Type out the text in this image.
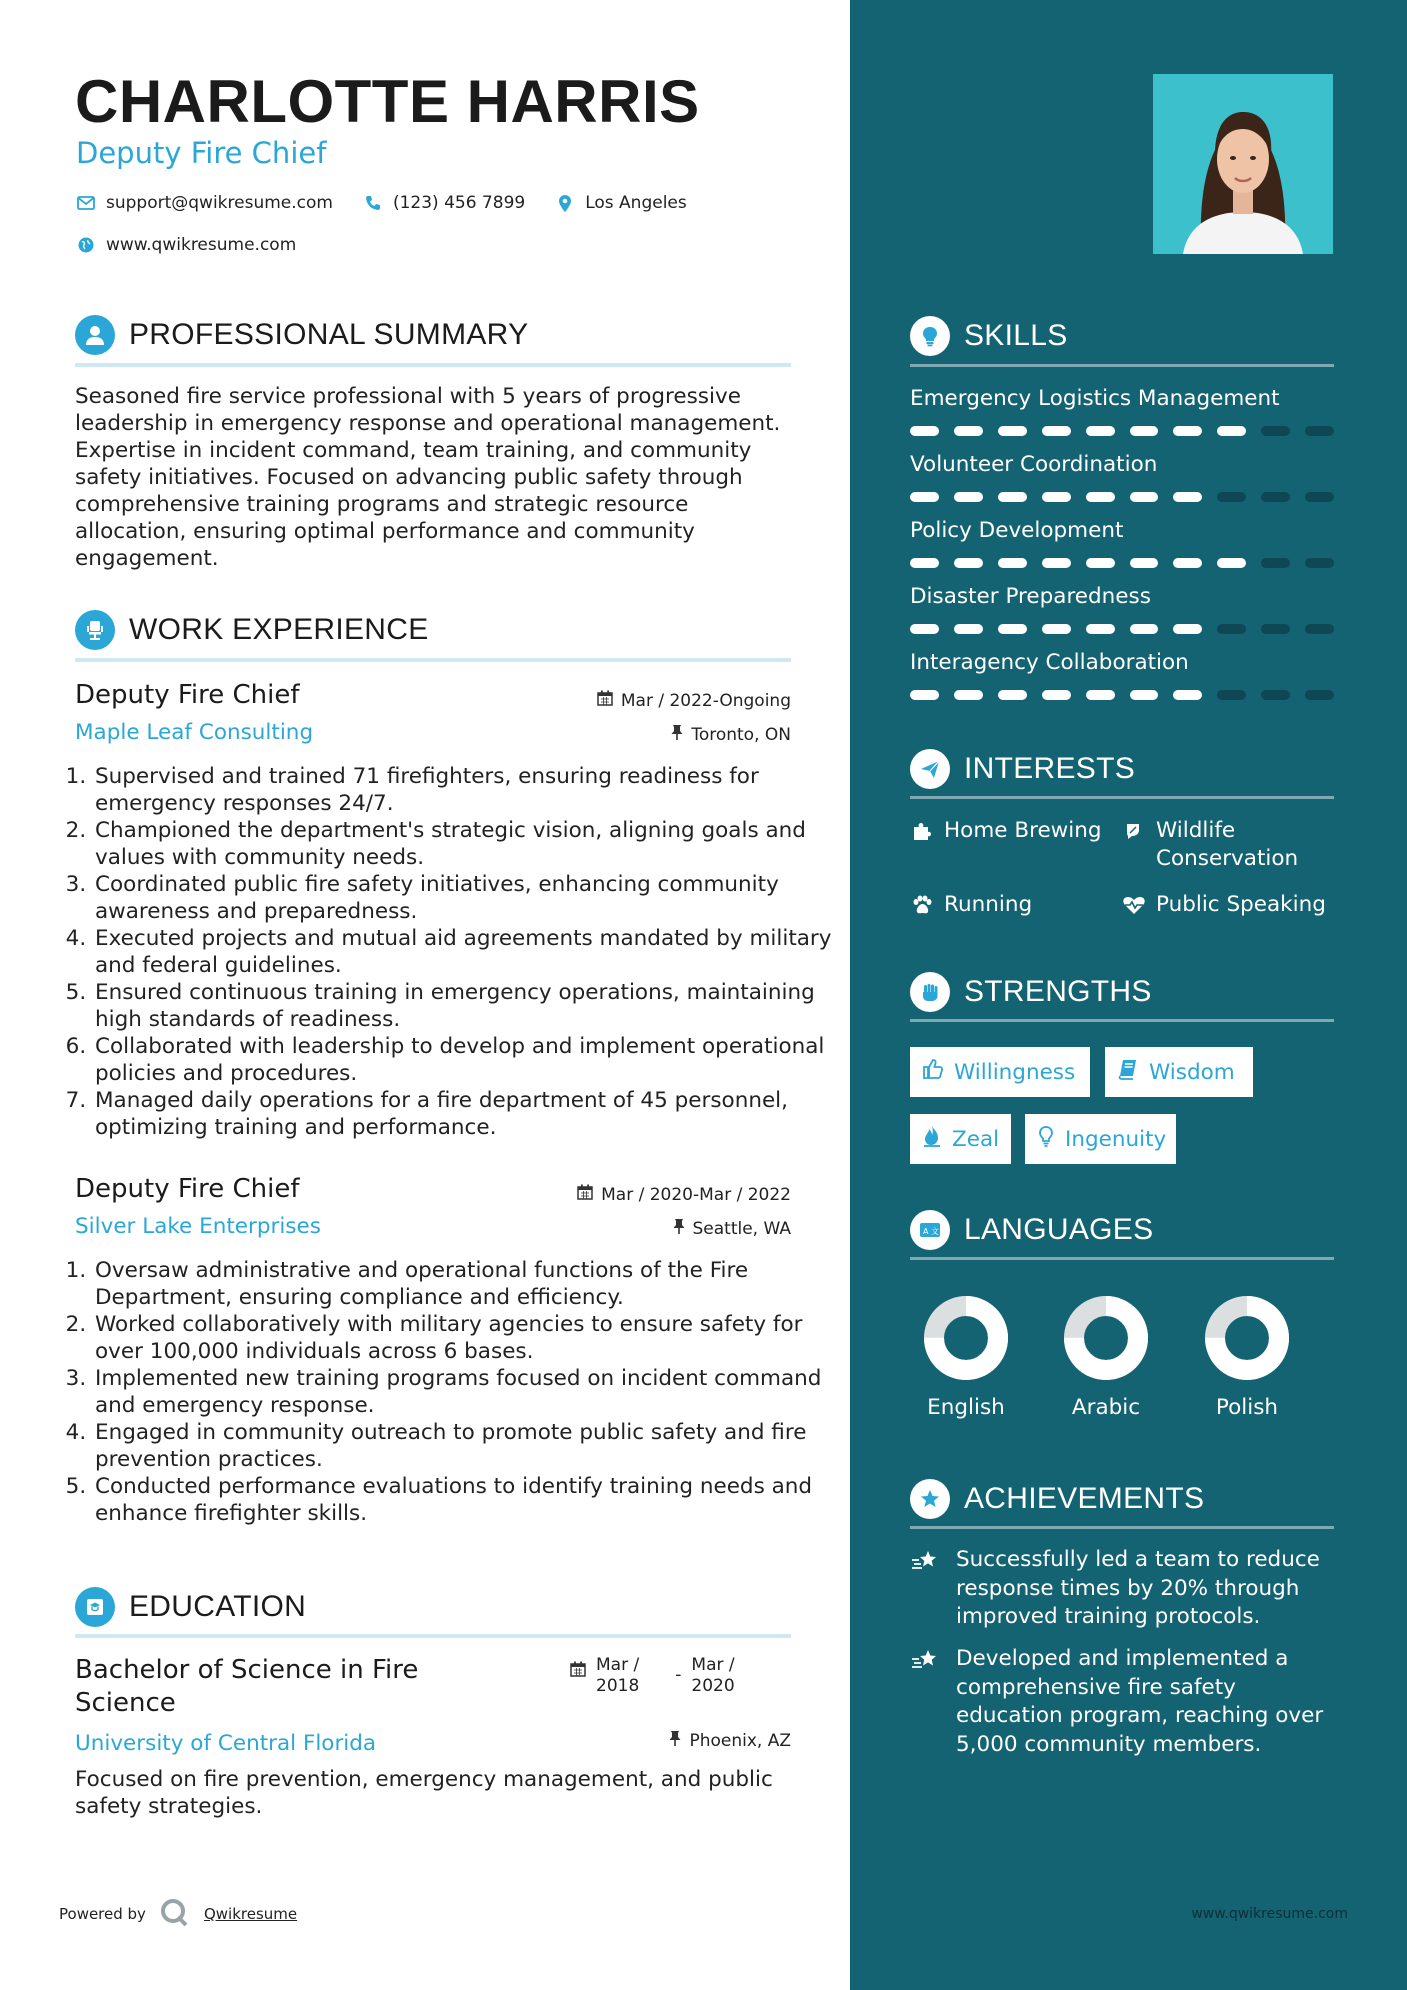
CHARLOTTE HARRIS
Deputy Fire Chief
support@qwikresume.com	(123) 456 7899	Los Angeles
www.qwikresume.com
PROFESSIONAL SUMMARY

Seasoned fire service professional with 5 years of progressive leadership in emergency response and operational management. Expertise in incident command, team training, and community safety initiatives. Focused on advancing public safety through comprehensive training programs and strategic resource allocation, ensuring optimal performance and community engagement.

WORK EXPERIENCE
Deputy Fire Chief	Mar / 2022-Ongoing
Maple Leaf Consulting	Toronto, ON
1. Supervised and trained 71 firefighters, ensuring readiness for emergency responses 24/7.
2. Championed the department's strategic vision, aligning goals and values with community needs.
3. Coordinated public fire safety initiatives, enhancing community awareness and preparedness.
4. Executed projects and mutual aid agreements mandated by military and federal guidelines.
5. Ensured continuous training in emergency operations, maintaining high standards of readiness.
6. Collaborated with leadership to develop and implement operational policies and procedures.
7. Managed daily operations for a fire department of 45 personnel, optimizing training and performance.
Deputy Fire Chief	Mar / 2020-Mar / 2022
Silver Lake Enterprises	Seattle, WA
1. Oversaw administrative and operational functions of the Fire Department, ensuring compliance and efficiency.
2. Worked collaboratively with military agencies to ensure safety for over 100,000 individuals across 6 bases.
3. Implemented new training programs focused on incident command and emergency response.
4. Engaged in community outreach to promote public safety and fire prevention practices.
5. Conducted performance evaluations to identify training needs and enhance firefighter skills.
EDUCATION
Bachelor of Science in Fire Science
Mar /
2018
- Mar /
2020
University of Central Florida	Phoenix, AZ

Focused on fire prevention, emergency management, and public safety strategies.

Powered by	Qwikresume
SKILLS
Emergency Logistics Management
Volunteer Coordination
Policy Development
Disaster Preparedness
Interagency Collaboration
INTERESTS
Home Brewing	Wildlife Conservation
Running	Public Speaking
STRENGTHS
Willingness	Wisdom
Zeal	Ingenuity
A 文 LANGUAGES
English	Arabic	Polish
ACHIEVEMENTS
Successfully led a team to reduce response times by 20% through improved training protocols.
Developed and implemented a comprehensive fire safety education program, reaching over 5,000 community members.
www.qwikresume.com
